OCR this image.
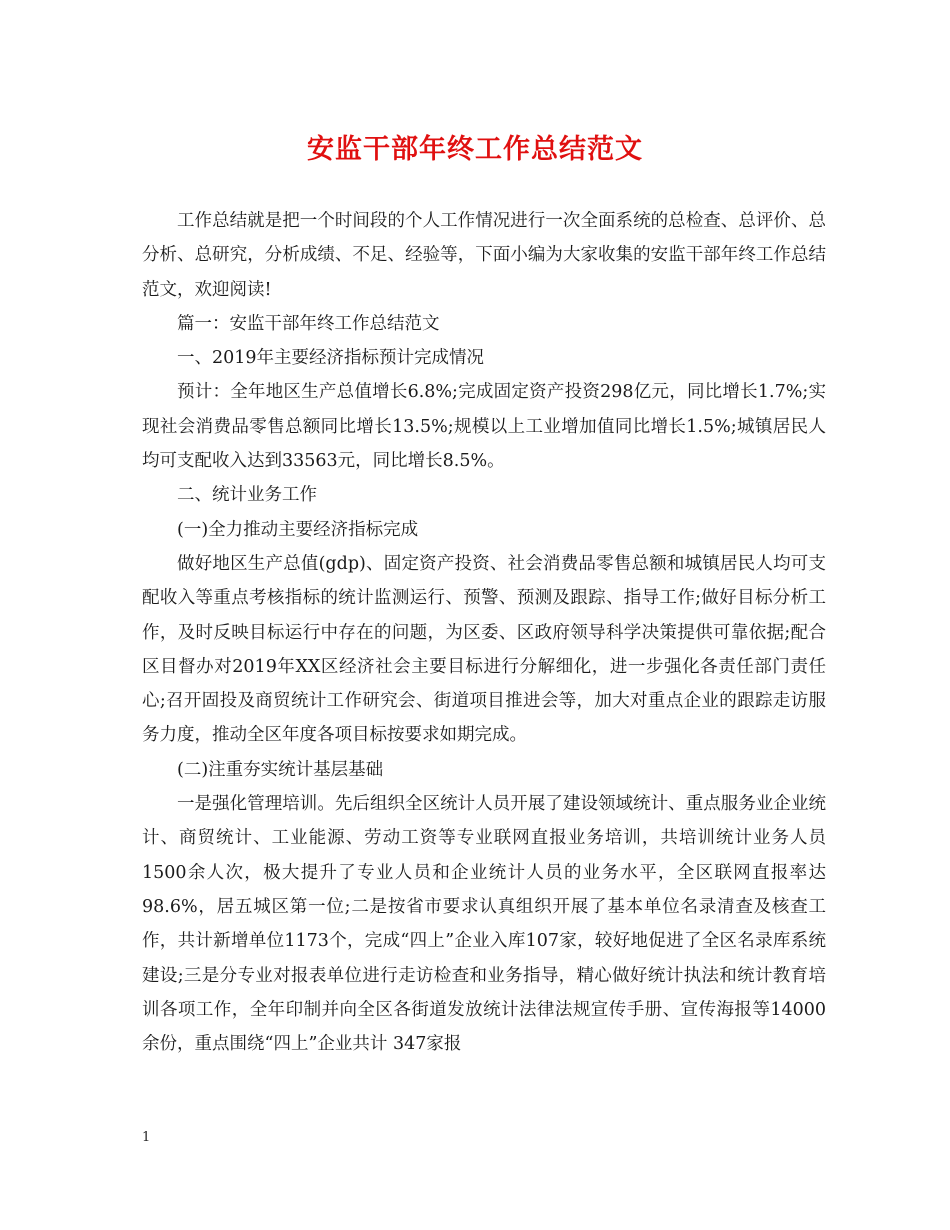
安监干部年终工作总结范文

工作总结就是把一个时间段的个人工作情况进行一次全面系统的总检查、总评价、总分析、总研究，分析成绩、不足、经验等，下面小编为大家收集的安监干部年终工作总结范文，欢迎阅读!

篇一：安监干部年终工作总结范文

一、2019年主要经济指标预计完成情况

预计：全年地区生产总值增长6.8%;完成固定资产投资298亿元，同比增长1.7%;实现社会消费品零售总额同比增长13.5%;规模以上工业增加值同比增长1.5%;城镇居民人均可支配收入达到33563元，同比增长8.5%。

二、统计业务工作

(一)全力推动主要经济指标完成

做好地区生产总值(gdp)、固定资产投资、社会消费品零售总额和城镇居民人均可支配收入等重点考核指标的统计监测运行、预警、预测及跟踪、指导工作;做好目标分析工作，及时反映目标运行中存在的问题，为区委、区政府领导科学决策提供可靠依据;配合区目督办对2019年XX区经济社会主要目标进行分解细化，进一步强化各责任部门责任心;召开固投及商贸统计工作研究会、街道项目推进会等，加大对重点企业的跟踪走访服务力度，推动全区年度各项目标按要求如期完成。

(二)注重夯实统计基层基础

一是强化管理培训。先后组织全区统计人员开展了建设领域统计、重点服务业企业统计、商贸统计、工业能源、劳动工资等专业联网直报业务培训，共培训统计业务人员1500余人次，极大提升了专业人员和企业统计人员的业务水平，全区联网直报率达98.6%，居五城区第一位;二是按省市要求认真组织开展了基本单位名录清查及核查工作，共计新增单位1173个，完成“四上”企业入库107家，较好地促进了全区名录库系统建设;三是分专业对报表单位进行走访检查和业务指导，精心做好统计执法和统计教育培训各项工作，全年印制并向全区各街道发放统计法律法规宣传手册、宣传海报等14000余份，重点围绕“四上”企业共计 347家报

1
